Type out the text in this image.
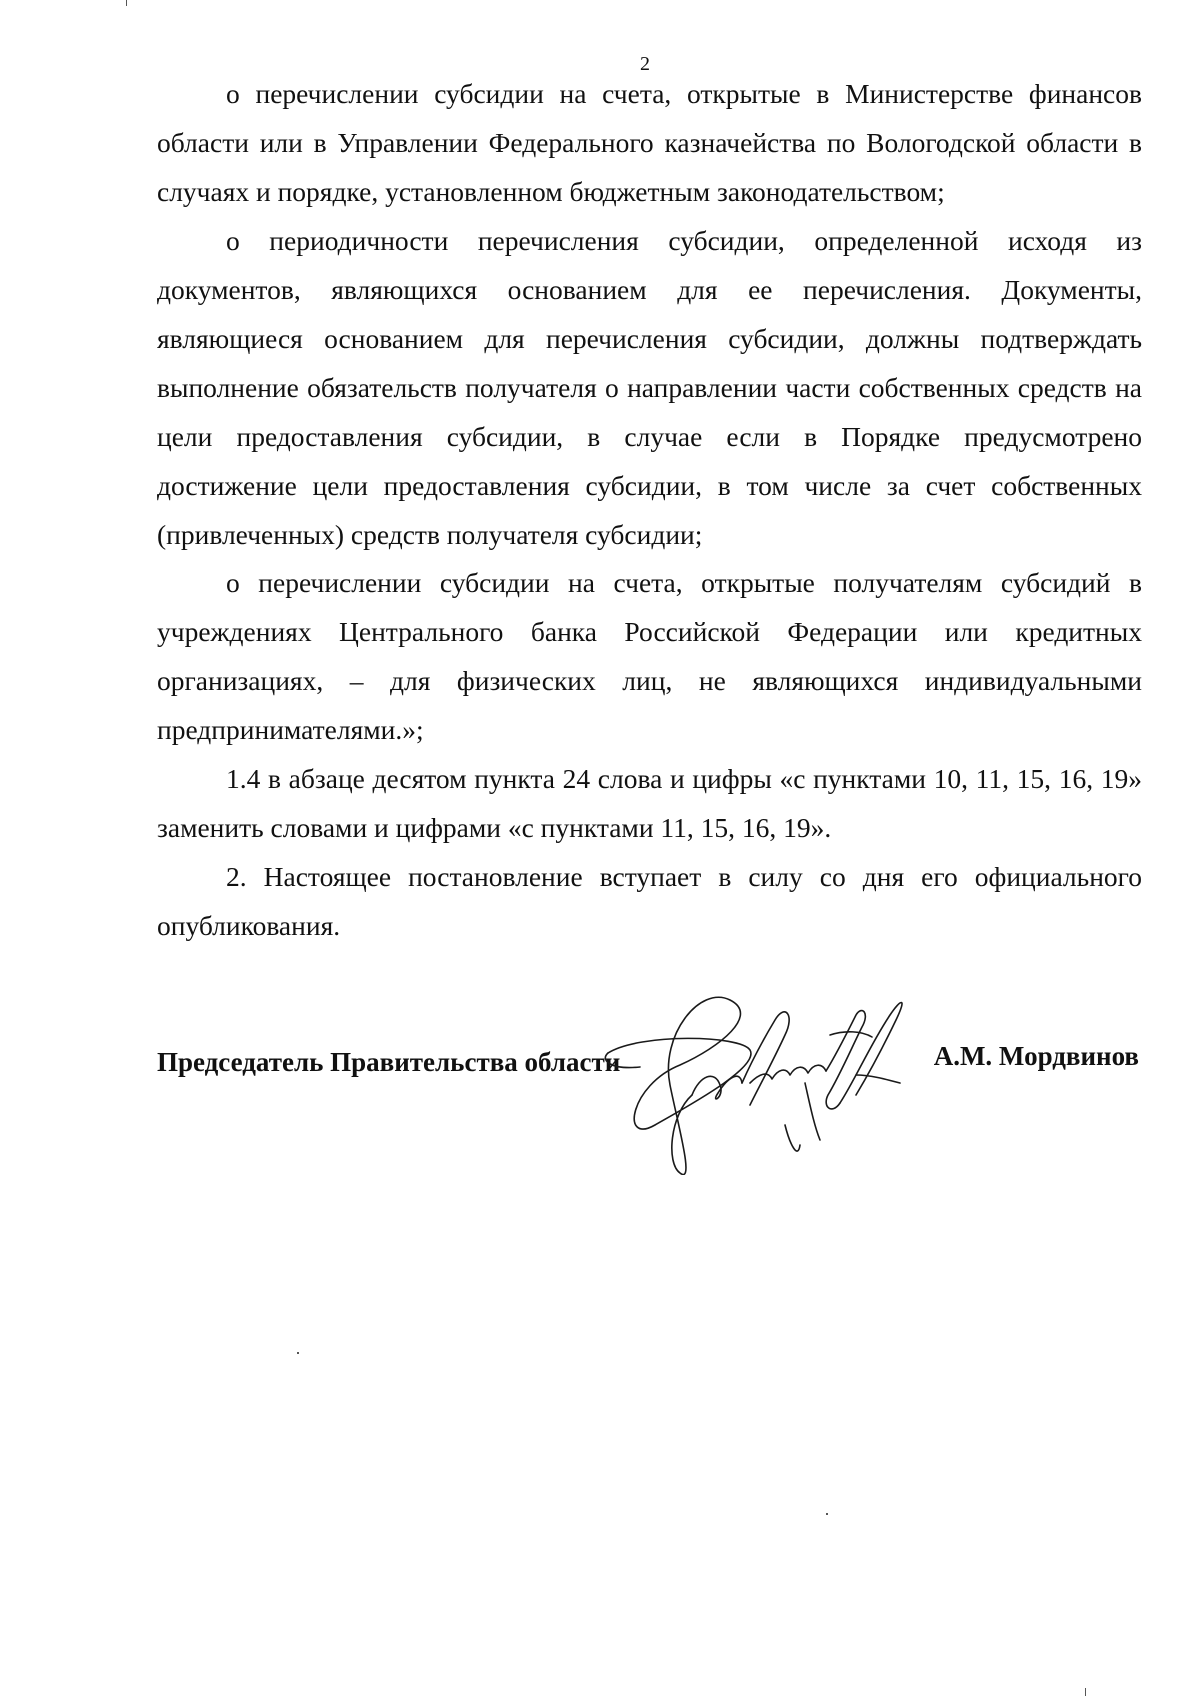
2

о перечислении субсидии на счета, открытые в Министерстве финансов области или в Управлении Федерального казначейства по Вологодской области в случаях и порядке, установленном бюджетным законодательством;

о периодичности перечисления субсидии, определенной исходя из документов, являющихся основанием для ее перечисления. Документы, являющиеся основанием для перечисления субсидии, должны подтверждать выполнение обязательств получателя о направлении части собственных средств на цели предоставления субсидии, в случае если в Порядке предусмотрено достижение цели предоставления субсидии, в том числе за счет собственных (привлеченных) средств получателя субсидии;

о перечислении субсидии на счета, открытые получателям субсидий в учреждениях Центрального банка Российской Федерации или кредитных организациях, – для физических лиц, не являющихся индивидуальными предпринимателями.»;

1.4 в абзаце десятом пункта 24 слова и цифры «с пунктами 10, 11, 15, 16, 19» заменить словами и цифрами «с пунктами 11, 15, 16, 19».

2. Настоящее постановление вступает в силу со дня его официального опубликования.

Председатель Правительства области	А.М. Мордвинов
